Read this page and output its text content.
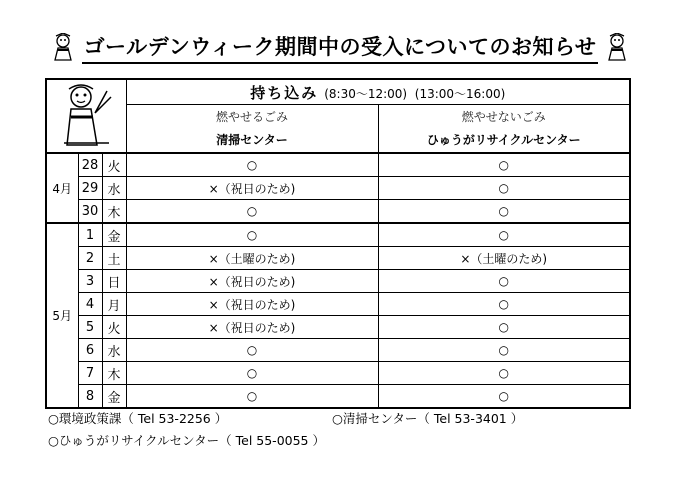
ゴールデンウィーク期間中の受入についてのお知らせ
	持ち込み (8:30～12:00) (13:00～16:00)	
			燃やせるごみ	燃やせないごみ
			清掃センター	ひゅうがリサイクルセンター
4月	28	火	○	○
	29	水	×（祝日のため)	○
	30	木	○	○
5月	1	金	○	○
	2	土	×（土曜のため)	×（土曜のため)
	3	日	×（祝日のため)	○
	4	月	×（祝日のため)	○
	5	火	×（祝日のため)	○
	6	水	○	○
	7	木	○	○
	8	金	○	○
○環境政策課（ Tel 53-2256 ）	○清掃センター（ Tel 53-3401 ）
○ひゅうがリサイクルセンター（ Tel 55-0055 ）
